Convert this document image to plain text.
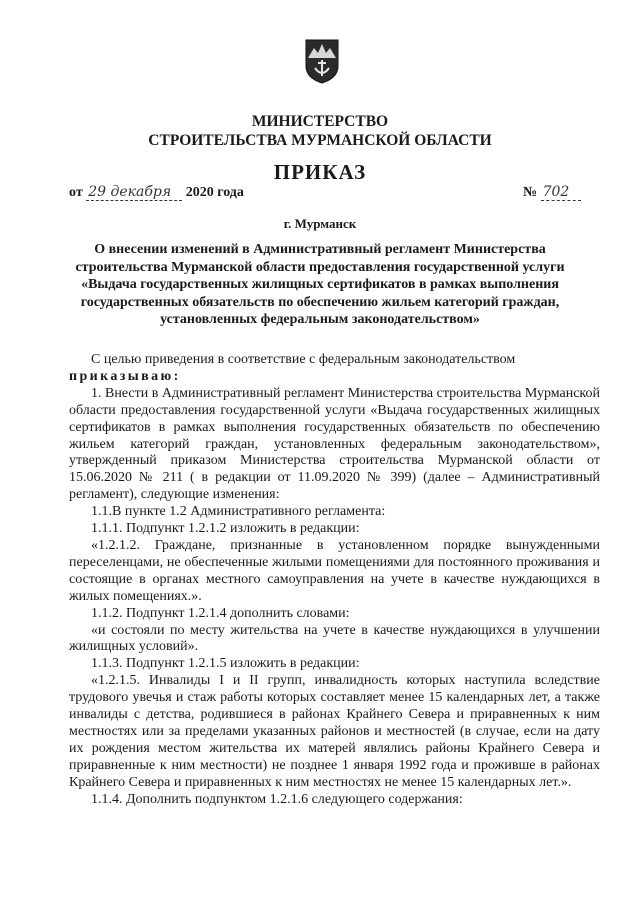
МИНИСТЕРСТВО
СТРОИТЕЛЬСТВА МУРМАНСКОЙ ОБЛАСТИ
ПРИКАЗ
от 29 декабря 2020 года	№ 702
г. Мурманск
О внесении изменений в Административный регламент Министерства
строительства Мурманской области предоставления государственной услуги
«Выдача государственных жилищных сертификатов в рамках выполнения
государственных обязательств по обеспечению жильем категорий граждан,
установленных федеральным законодательством»

С целью приведения в соответствие с федеральным законодательством

приказываю:

1. Внести в Административный регламент Министерства строительства Мурманской области предоставления государственной услуги «Выдача государственных жилищных сертификатов в рамках выполнения государственных обязательств по обеспечению жильем категорий граждан, установленных федеральным законодательством», утвержденный приказом Министерства строительства Мурманской области от 15.06.2020 № 211 ( в редакции от 11.09.2020 № 399) (далее – Административный регламент), следующие изменения:

1.1.В пункте 1.2 Административного регламента:

1.1.1. Подпункт 1.2.1.2 изложить в редакции:

«1.2.1.2. Граждане, признанные в установленном порядке вынужденными переселенцами, не обеспеченные жилыми помещениями для постоянного проживания и состоящие в органах местного самоуправления на учете в качестве нуждающихся в жилых помещениях.».

1.1.2. Подпункт 1.2.1.4 дополнить словами:

«и состояли по месту жительства на учете в качестве нуждающихся в улучшении жилищных условий».

1.1.3. Подпункт 1.2.1.5 изложить в редакции:

«1.2.1.5. Инвалиды I и II групп, инвалидность которых наступила вследствие трудового увечья и стаж работы которых составляет менее 15 календарных лет, а также инвалиды с детства, родившиеся в районах Крайнего Севера и приравненных к ним местностях или за пределами указанных районов и местностей (в случае, если на дату их рождения местом жительства их матерей являлись районы Крайнего Севера и приравненные к ним местности) не позднее 1 января 1992 года и проживше в районах Крайнего Севера и приравненных к ним местностях не менее 15 календарных лет.».

1.1.4. Дополнить подпунктом 1.2.1.6 следующего содержания:
